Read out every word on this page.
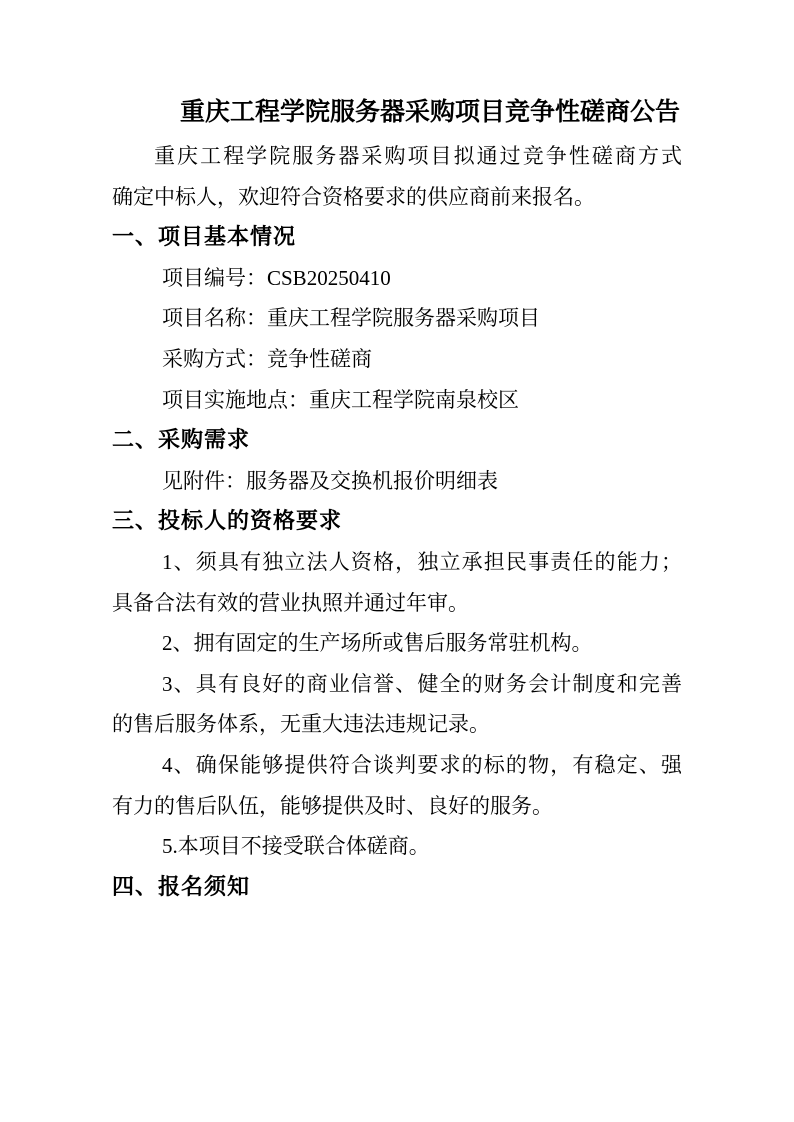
重庆工程学院服务器采购项目竞争性磋商公告
重庆工程学院服务器采购项目拟通过竞争性磋商方式
确定中标人，欢迎符合资格要求的供应商前来报名。
一、项目基本情况
项目编号：CSB20250410
项目名称：重庆工程学院服务器采购项目
采购方式：竞争性磋商
项目实施地点：重庆工程学院南泉校区
二、采购需求
见附件：服务器及交换机报价明细表
三、投标人的资格要求
1、须具有独立法人资格，独立承担民事责任的能力；
具备合法有效的营业执照并通过年审。
2、拥有固定的生产场所或售后服务常驻机构。
3、具有良好的商业信誉、健全的财务会计制度和完善
的售后服务体系，无重大违法违规记录。
4、确保能够提供符合谈判要求的标的物，有稳定、强
有力的售后队伍，能够提供及时、良好的服务。
5.本项目不接受联合体磋商。
四、报名须知
